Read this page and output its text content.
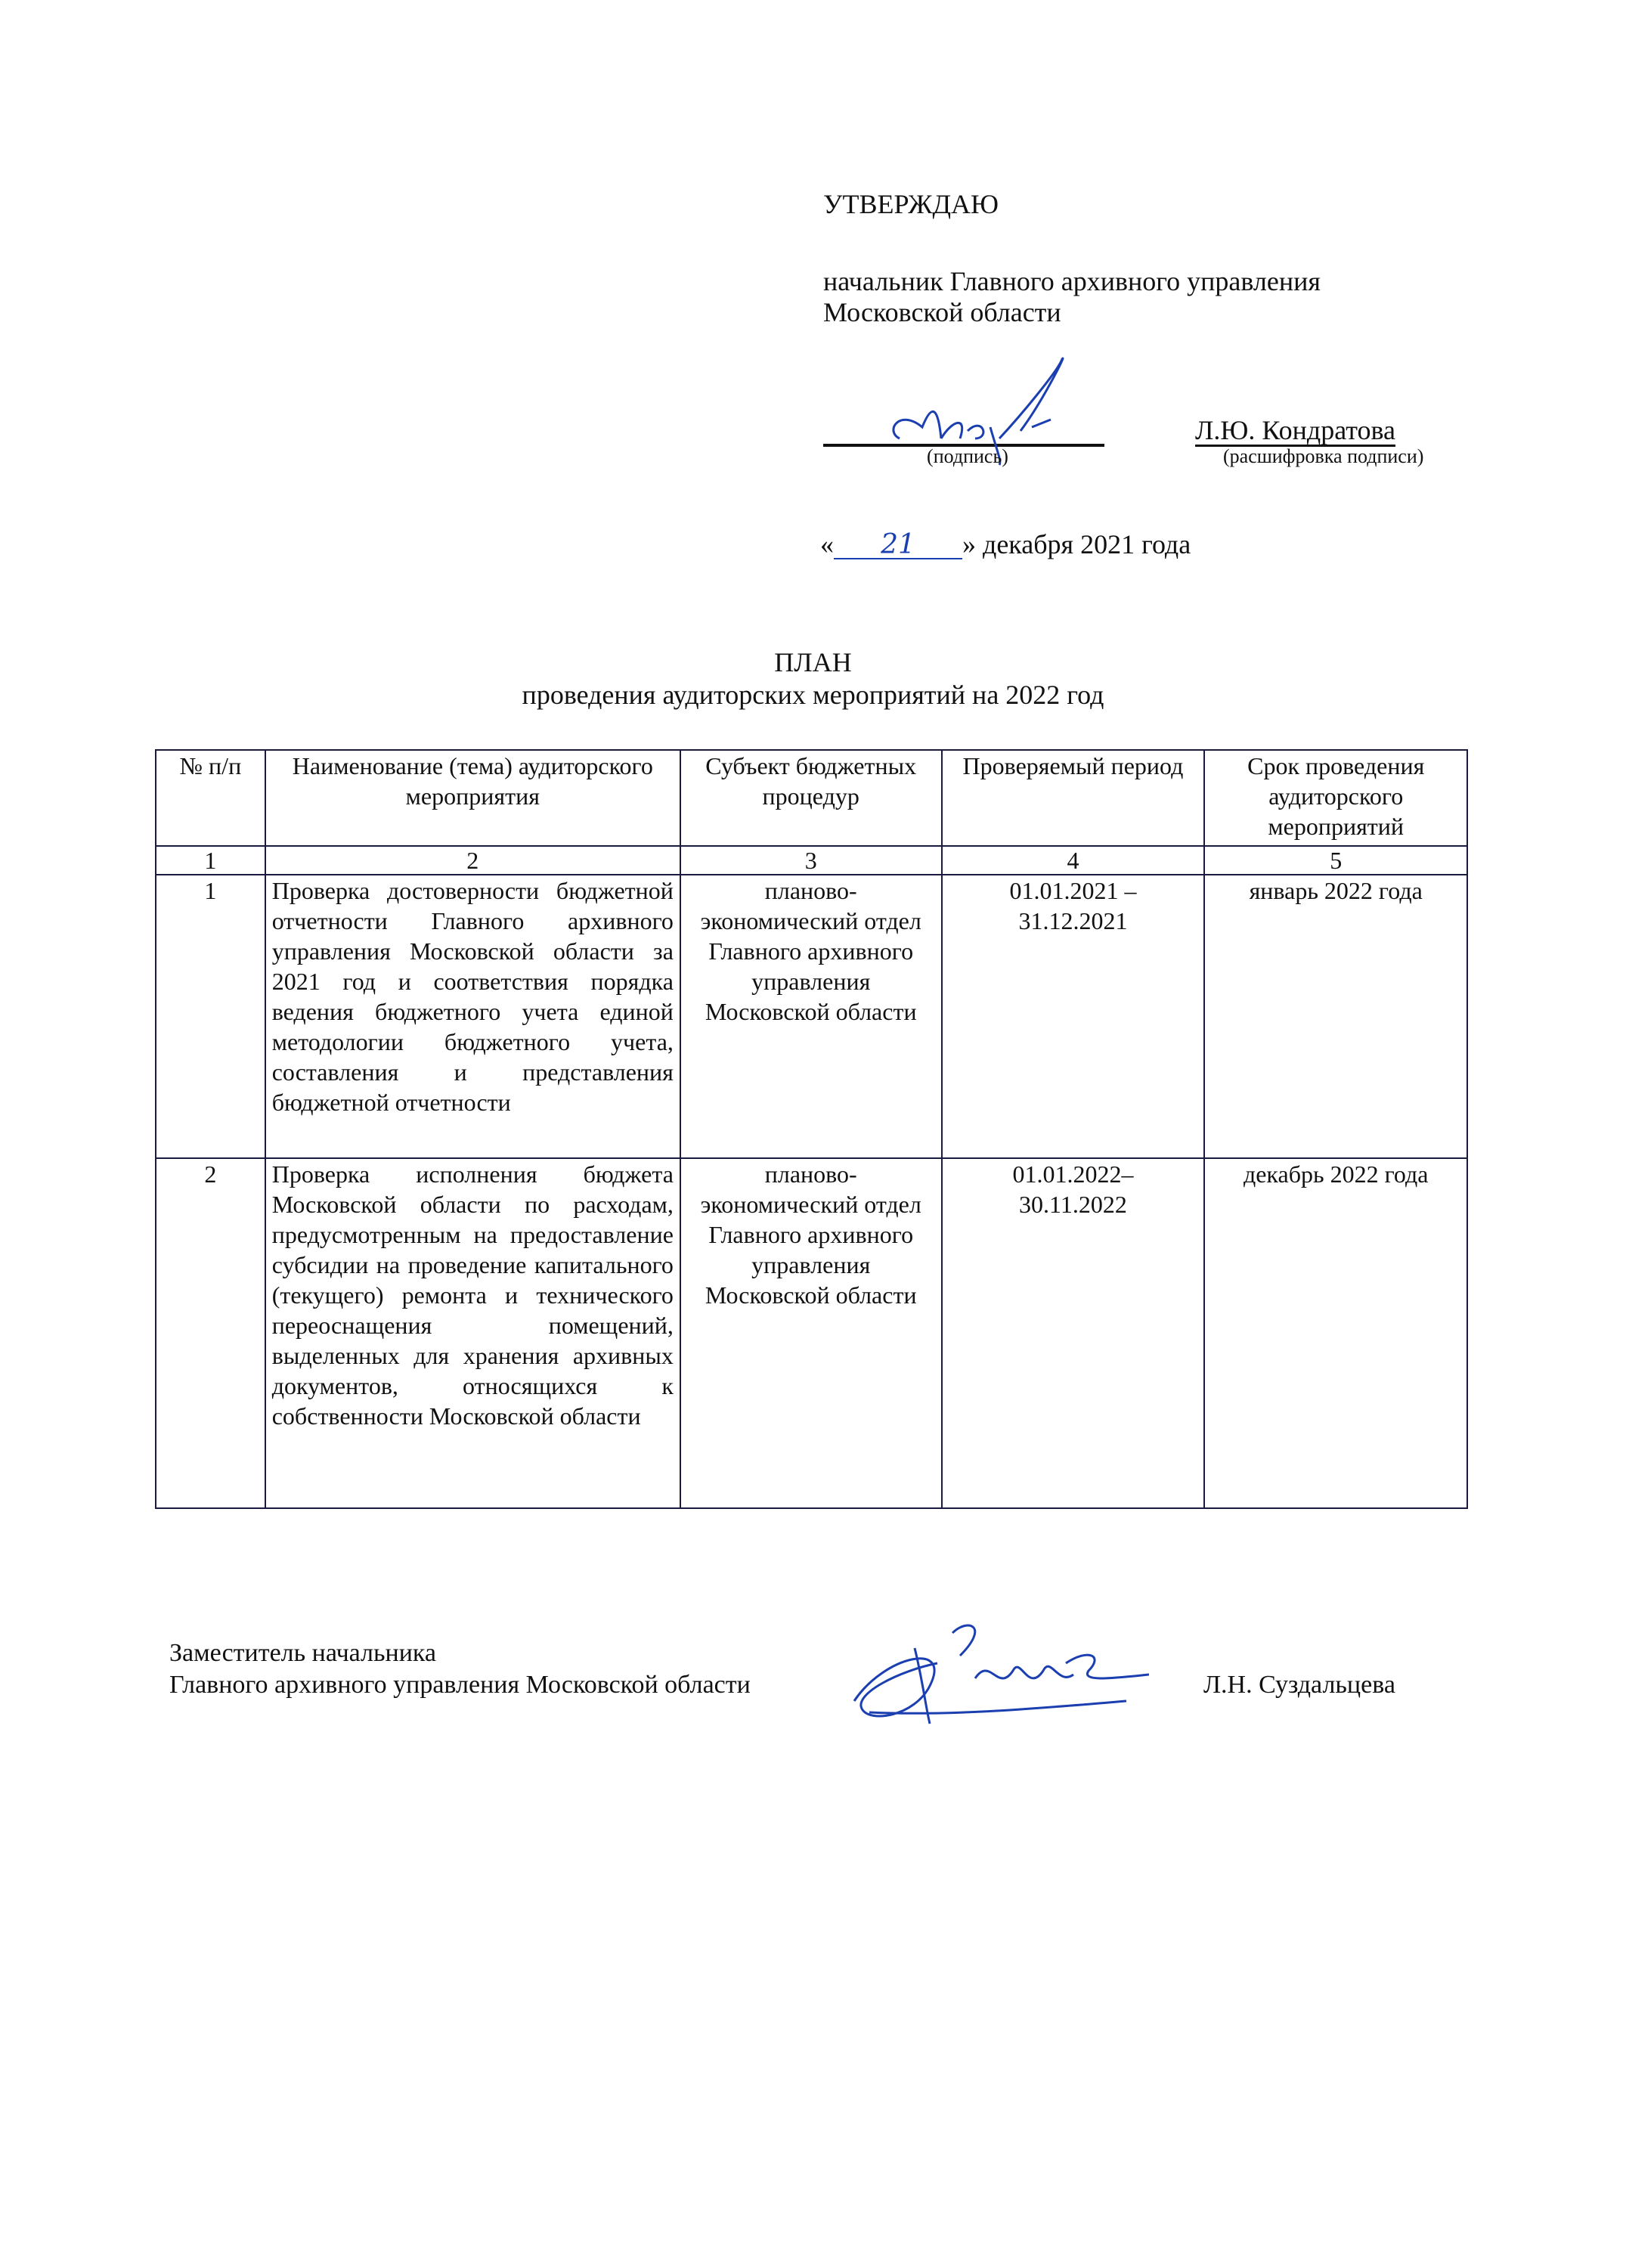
УТВЕРЖДАЮ
начальник Главного архивного управления
Московской области
(подпись)
Л.Ю. Кондратова
(расшифровка подписи)
« 21 » декабря 2021 года
ПЛАН
проведения аудиторских мероприятий на 2022 год
№ п/п	Наименование (тема) аудиторского мероприятия	Субъект бюджетных процедур	Проверяемый период	Срок проведения аудиторского мероприятий
1	2	3	4	5
1	Проверка достоверности бюджетной отчетности Главного архивного управления Московской области за 2021 год и соответствия порядка ведения бюджетного учета единой методологии бюджетного учета, составления и представления бюджетной отчетности	планово-экономический отдел Главного архивного управления Московской области	01.01.2021 – 31.12.2021	январь 2022 года
2	Проверка исполнения бюджета Московской области по расходам, предусмотренным на предоставление субсидии на проведение капитального (текущего) ремонта и технического переоснащения помещений, выделенных для хранения архивных документов, относящихся к собственности Московской области	планово-экономический отдел Главного архивного управления Московской области	01.01.2022– 30.11.2022	декабрь 2022 года
Заместитель начальника
Главного архивного управления Московской области	Л.Н. Суздальцева
